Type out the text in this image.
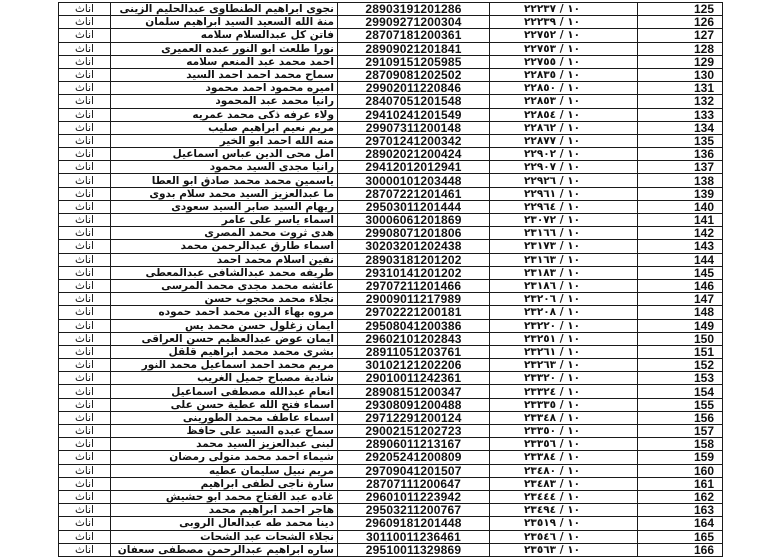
اناث	نجوى ابراهيم الطنطاوى عبدالحليم الزينى	28903191201286	١٠ / ٢٢٢٣٧	125
اناث	منة الله السعيد السيد ابراهيم سلمان	29909271200304	١٠ / ٢٢٢٣٩	126
اناث	فاتن كل عبدالسلام سلامه	28707181200361	١٠ / ٢٢٧٥٢	127
اناث	نورا طلعت ابو النور عبده العميرى	28909021201841	١٠ / ٢٢٧٥٣	128
اناث	احمد محمد عبد المنعم سلامه	29109151205985	١٠ / ٢٢٧٥٥	129
اناث	سماح محمد احمد احمد السيد	28709081202502	١٠ / ٢٢٨٣٥	130
اناث	اميره محمود احمد محمود	29902011220846	١٠ / ٢٢٨٥٠	131
اناث	رانيا محمد عبد المحمود	28407051201548	١٠ / ٢٢٨٥٣	132
اناث	ولاء عرفه ذكى محمد عمريه	29410241201549	١٠ / ٢٢٨٥٤	133
اناث	مريم نعيم ابراهيم صليب	29907311200148	١٠ / ٢٢٨٦٢	134
اناث	منه الله احمد ابو الخير	29701241200342	١٠ / ٢٢٨٧٧	135
اناث	امل محى الدين عباس اسماعيل	28902021200424	١٠ / ٢٢٩٠٢	136
اناث	رانيا مجدى السيد محمود	29412012012941	١٠ / ٢٢٩٠٧	137
اناث	ياسمين محمد محمد صادق ابو العطا	30000101203448	١٠ / ٢٢٩٢٦	138
اناث	ما عبدالعزيز السيد محمد سلام بدوى	28707221201461	١٠ / ٢٢٩٦١	139
اناث	ريهام السيد صابر السيد سعودى	29503011201444	١٠ / ٢٢٩٦٤	140
اناث	اسماء ياسر على عامر	30006061201869	١٠ / ٢٣٠٧٢	141
اناث	هدى ثروت محمد المصرى	29908071201806	١٠ / ٢٣١٦٦	142
اناث	اسماء طارق عبدالرحمن محمد	30203201202438	١٠ / ٢٣١٧٣	143
اناث	نفين اسلام محمد احمد	28903181201202	١٠ / ٢٣١٦٣	144
اناث	طريفه محمد عبدالشافى عبدالمعطى	29310141201202	١٠ / ٢٣١٨٣	145
اناث	عائشه محمد مجدى محمد المرسى	29707211201466	١٠ / ٢٣١٨٦	146
اناث	نجلاء محمد محجوب حسن	29009011217989	١٠ / ٢٣٢٠٦	147
اناث	مروه بهاء الدين محمد احمد حموده	29702221200181	١٠ / ٢٣٢٠٨	148
اناث	ايمان زغلول حسن محمد يس	29508041200386	١٠ / ٢٣٢٢٠	149
اناث	ايمان عوض عبدالعظيم حسن العراقى	29602101202843	١٠ / ٢٣٢٥١	150
اناث	بشرى محمد محمد ابراهيم قلقل	28911051203761	١٠ / ٢٣٢٦١	151
اناث	مريم محمد احمد اسماعيل محمد النور	30102121202206	١٠ / ٢٣٢٦٣	152
اناث	شادية مصباح جميل الغريب	29010011242361	١٠ / ٢٣٣٢٠	153
اناث	انعام عبدالله مصطفى اسماعيل	28908151200347	١٠ / ٢٣٣٢٤	154
اناث	اسماء فتح الله عطية حسن على	29308091200488	١٠ / ٢٣٣٣٥	155
اناث	اسماء عاطف محمد الطورينى	29712291200124	١٠ / ٢٣٣٤٨	156
اناث	سماح عبده السيد على حافظ	29002151202723	١٠ / ٢٣٣٥٠	157
اناث	لبنى عبدالعزيز السيد محمد	28906011213167	١٠ / ٢٣٣٥٦	158
اناث	شيماء احمد محمد متولى رمضان	29205241200809	١٠ / ٢٣٣٨٤	159
اناث	مريم نبيل سليمان عطيه	29709041201507	١٠ / ٢٣٤٨٠	160
اناث	سارة ناجى لطفى ابراهيم	28707111200647	١٠ / ٢٣٤٨٣	161
اناث	غاده عبد الفتاح محمد ابو حشيش	29601011223942	١٠ / ٢٣٤٤٤	162
اناث	هاجر احمد ابراهيم محمد	29503211200767	١٠ / ٢٣٤٩٤	163
اناث	دينا محمد طه عبدالعال الروبى	29609181201448	١٠ / ٢٣٥١٩	164
اناث	نجلاء الشحات عبد الشحات	30110011236461	١٠ / ٢٣٥٤٦	165
اناث	ساره ابراهيم عبدالرحمن مصطفى سعفان	29510011329869	١٠ / ٢٣٥٦٣	166
